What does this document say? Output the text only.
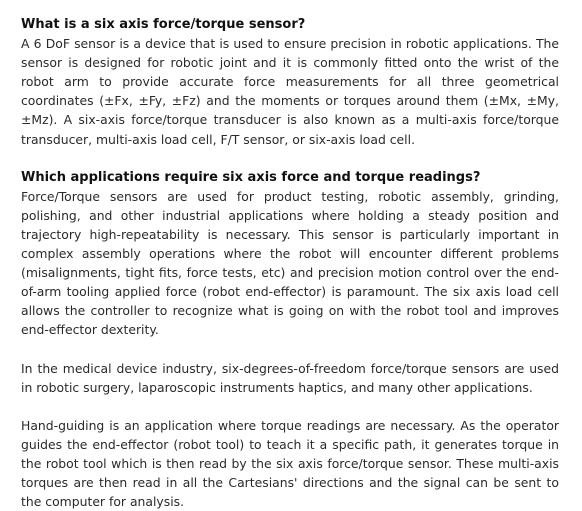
What is a six axis force/torque sensor?

A 6 DoF sensor is a device that is used to ensure precision in robotic applications. The sensor is designed for robotic joint and it is commonly fitted onto the wrist of the robot arm to provide accurate force measurements for all three geometrical coordinates (±Fx, ±Fy, ±Fz) and the moments or torques around them (±Mx, ±My, ±Mz). A six-axis force/torque transducer is also known as a multi-axis force/torque transducer, multi-axis load cell, F/T sensor, or six-axis load cell.

Which applications require six axis force and torque readings?

Force/Torque sensors are used for product testing, robotic assembly, grinding, polishing, and other industrial applications where holding a steady position and trajectory high-repeatability is necessary. This sensor is particularly important in complex assembly operations where the robot will encounter different problems (misalignments, tight fits, force tests, etc) and precision motion control over the end-of-arm tooling applied force (robot end-effector) is paramount. The six axis load cell allows the controller to recognize what is going on with the robot tool and improves end-effector dexterity.

In the medical device industry, six-degrees-of-freedom force/torque sensors are used in robotic surgery, laparoscopic instruments haptics, and many other applications.

Hand-guiding is an application where torque readings are necessary. As the operator guides the end-effector (robot tool) to teach it a specific path, it generates torque in the robot tool which is then read by the six axis force/torque sensor. These multi-axis torques are then read in all the Cartesians' directions and the signal can be sent to the computer for analysis.
